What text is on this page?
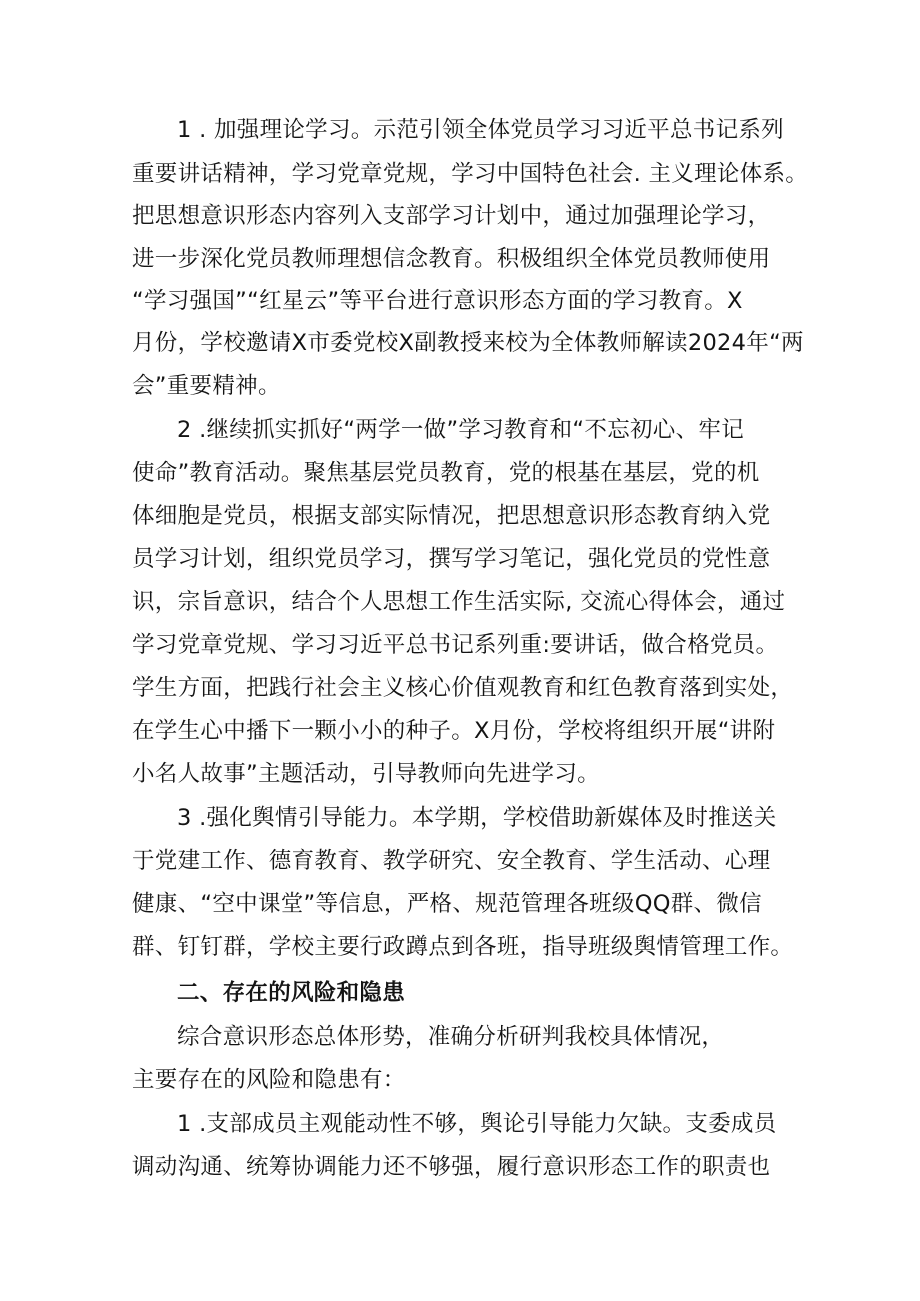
1 . 加强理论学习。示范引领全体党员学习习近平总书记系列
重要讲话精神，学习党章党规，学习中国特色社会. 主义理论体系。
把思想意识形态内容列入支部学习计划中，通过加强理论学习，
进一步深化党员教师理想信念教育。积极组织全体党员教师使用
“学习强国”“红星云”等平台进行意识形态方面的学习教育。X
月份，学校邀请X市委党校X副教授来校为全体教师解读2024年“两
会”重要精神。
2 .继续抓实抓好“两学一做”学习教育和“不忘初心、牢记
使命”教育活动。聚焦基层党员教育，党的根基在基层，党的机
体细胞是党员，根据支部实际情况，把思想意识形态教育纳入党
员学习计划，组织党员学习，撰写学习笔记，强化党员的党性意
识，宗旨意识，结合个人思想工作生活实际, 交流心得体会，通过
学习党章党规、学习习近平总书记系列重:要讲话，做合格党员。
学生方面，把践行社会主义核心价值观教育和红色教育落到实处，
在学生心中播下一颗小小的种子。X月份，学校将组织开展“讲附
小名人故事”主题活动，引导教师向先进学习。
3 .强化舆情引导能力。本学期，学校借助新媒体及时推送关
于党建工作、德育教育、教学研究、安全教育、学生活动、心理
健康、“空中课堂”等信息，严格、规范管理各班级QQ群、微信
群、钉钉群，学校主要行政蹲点到各班，指导班级舆情管理工作。
二、存在的风险和隐患
综合意识形态总体形势，准确分析研判我校具体情况，
主要存在的风险和隐患有：
1 .支部成员主观能动性不够，舆论引导能力欠缺。支委成员
调动沟通、统筹协调能力还不够强，履行意识形态工作的职责也
